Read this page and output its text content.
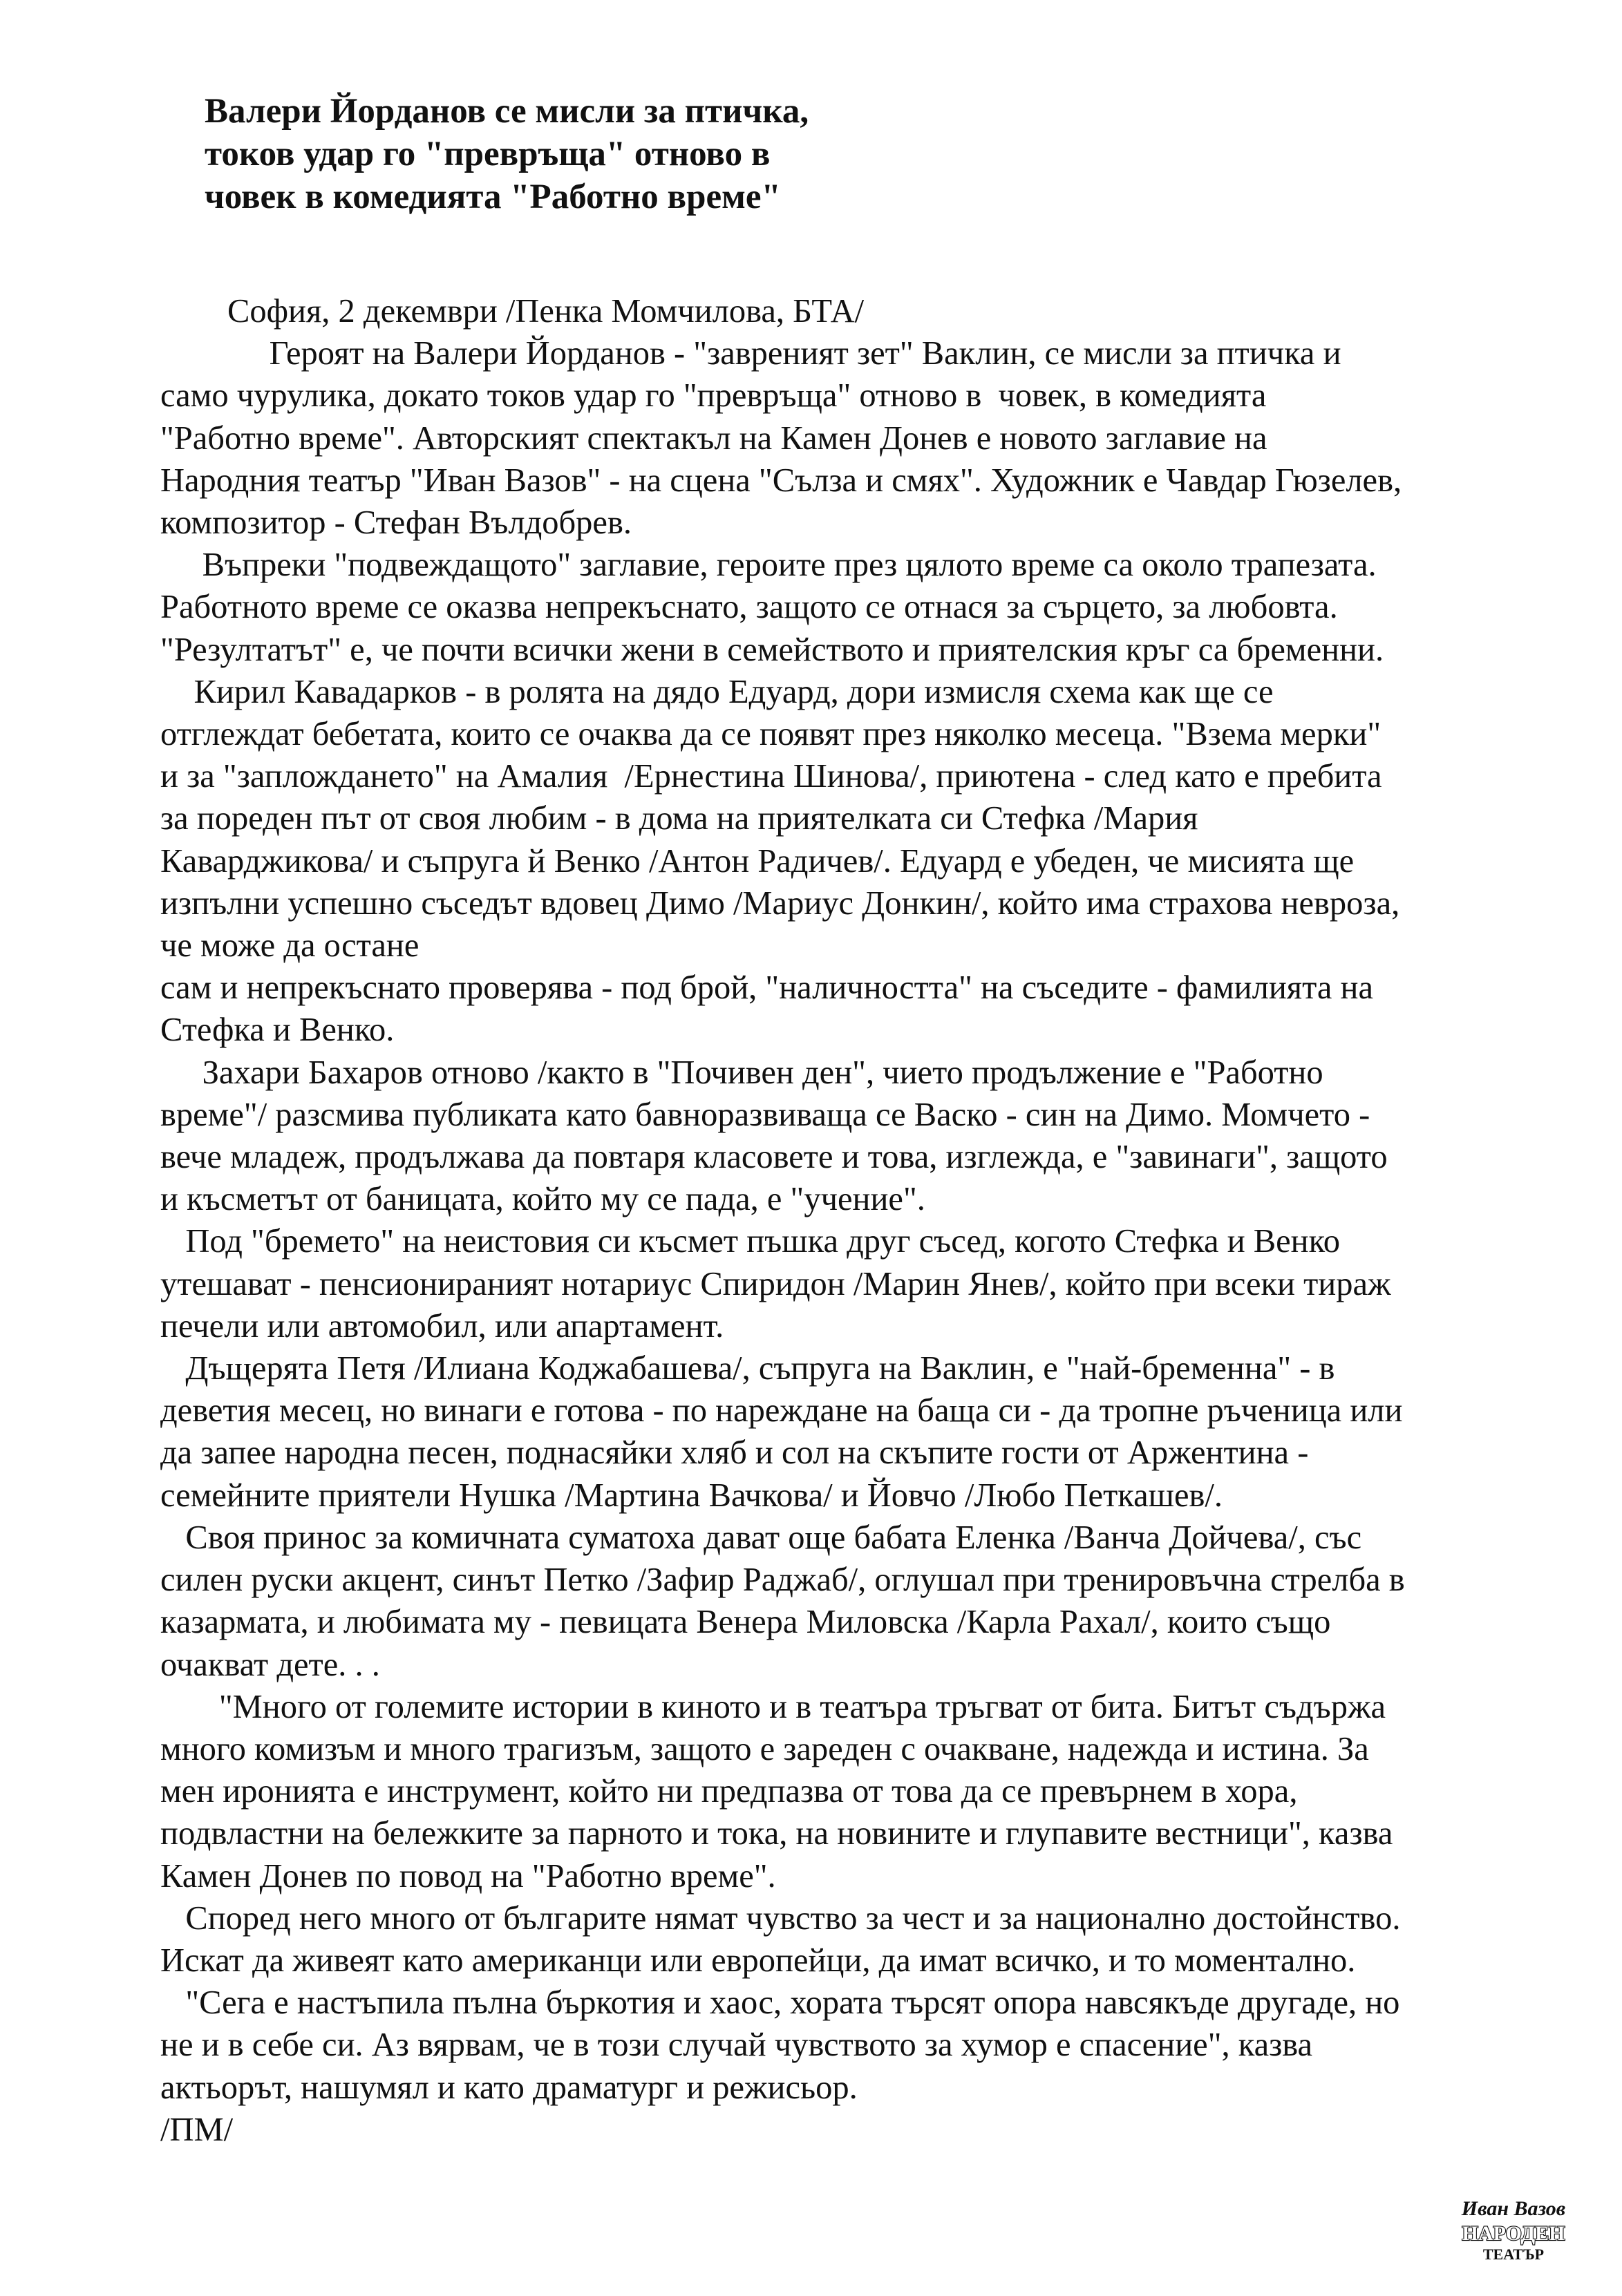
Валери Йорданов се мисли за птичка,
токов удар го "превръща" отново в
човек в комедията "Работно време"

София, 2 декември /Пенка Момчилова, БТА/

Героят на Валери Йорданов - "завреният зет" Ваклин, се мисли за птичка и
само чурулика, докато токов удар го "превръща" отново в  човек, в комедията
"Работно време". Авторският спектакъл на Камен Донев е новото заглавие на
Народния театър "Иван Вазов" - на сцена "Сълза и смях". Художник е Чавдар Гюзелев,
композитор - Стефан Вълдобрев.

Въпреки "подвеждащото" заглавие, героите през цялото време са около трапезата.
Работното време се оказва непрекъснато, защото се отнася за сърцето, за любовта.
"Резултатът" е, че почти всички жени в семейството и приятелския кръг са бременни.

Кирил Кавадарков - в ролята на дядо Едуард, дори измисля схема как ще се
отглеждат бебетата, които се очаква да се появят през няколко месеца. "Взема мерки"
и за "заплождането" на Амалия  /Ернестина Шинова/, приютена - след като е пребита
за пореден път от своя любим - в дома на приятелката си Стефка /Мария
Каварджикова/ и съпруга й Венко /Антон Радичев/. Едуард е убеден, че мисията ще
изпълни успешно съседът вдовец Димо /Мариус Донкин/, който има страхова невроза,
че може да остане
сам и непрекъснато проверява - под брой, "наличността" на съседите - фамилията на
Стефка и Венко.

Захари Бахаров отново /както в "Почивен ден", чието продължение е "Работно
време"/ разсмива публиката като бавноразвиваща се Васко - син на Димо. Момчето -
вече младеж, продължава да повтаря класовете и това, изглежда, е "завинаги", защото
и късметът от баницата, който му се пада, е "учение".

Под "бремето" на неистовия си късмет пъшка друг съсед, когото Стефка и Венко
утешават - пенсионираният нотариус Спиридон /Марин Янев/, който при всеки тираж
печели или автомобил, или апартамент.

Дъщерята Петя /Илиана Коджабашева/, съпруга на Ваклин, е "най-бременна" - в
деветия месец, но винаги е готова - по нареждане на баща си - да тропне ръченица или
да запее народна песен, поднасяйки хляб и сол на скъпите гости от Аржентина -
семейните приятели Нушка /Мартина Вачкова/ и Йовчо /Любо Петкашев/.

Своя принос за комичната суматоха дават още бабата Еленка /Ванча Дойчева/, със
силен руски акцент, синът Петко /Зафир Раджаб/, оглушал при тренировъчна стрелба в
казармата, и любимата му - певицата Венера Миловска /Карла Рахал/, които също
очакват дете. . .

"Много от големите истории в киното и в театъра тръгват от бита. Битът съдържа
много комизъм и много трагизъм, защото е зареден с очакване, надежда и истина. За
мен иронията е инструмент, който ни предпазва от това да се превърнем в хора,
подвластни на бележките за парното и тока, на новините и глупавите вестници", казва
Камен Донев по повод на "Работно време".

Според него много от българите нямат чувство за чест и за национално достойнство.
Искат да живеят като американци или европейци, да имат всичко, и то моментално.

"Сега е настъпила пълна бъркотия и хаос, хората търсят опора навсякъде другаде, но
не и в себе си. Аз вярвам, че в този случай чувството за хумор е спасение", казва
актьорът, нашумял и като драматург и режисьор.

/ПМ/

Иван Вазов
НАРОДЕН
ТЕАТЪР
